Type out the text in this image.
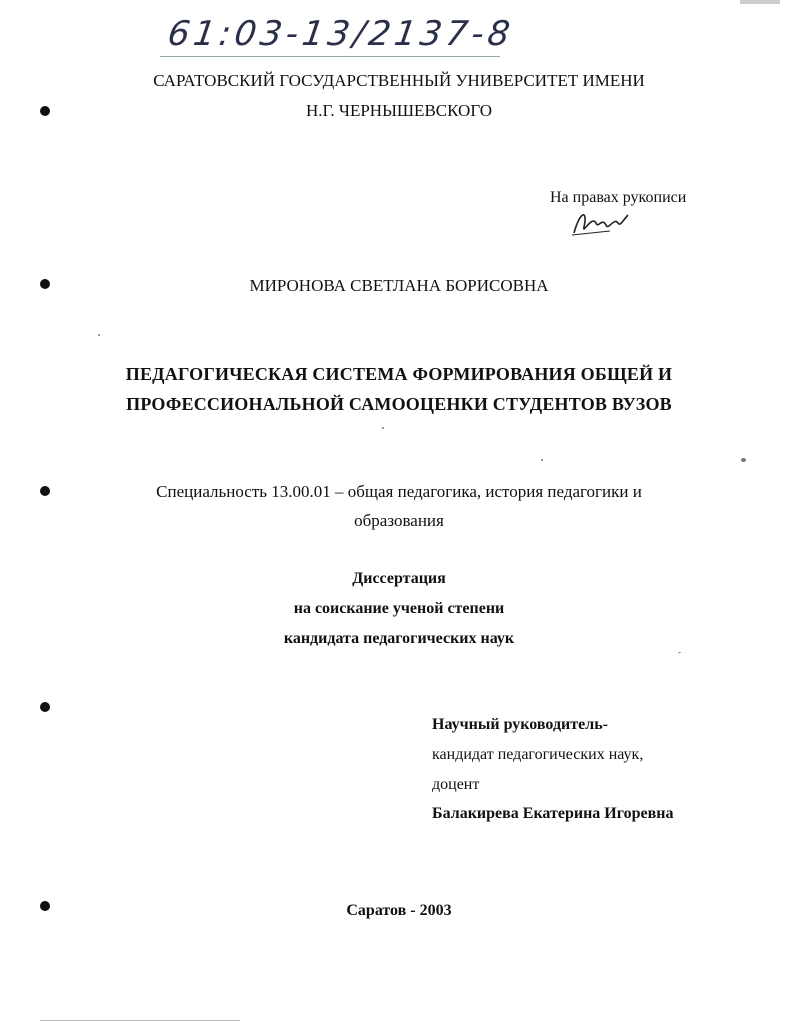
61:03-13/2137-8
САРАТОВСКИЙ ГОСУДАРСТВЕННЫЙ УНИВЕРСИТЕТ ИМЕНИ
Н.Г. ЧЕРНЫШЕВСКОГО
На правах рукописи
МИРОНОВА СВЕТЛАНА БОРИСОВНА
ПЕДАГОГИЧЕСКАЯ СИСТЕМА ФОРМИРОВАНИЯ ОБЩЕЙ И
ПРОФЕССИОНАЛЬНОЙ САМООЦЕНКИ СТУДЕНТОВ ВУЗОВ
Специальность 13.00.01 – общая педагогика, история педагогики и
образования
Диссертация
на соискание ученой степени
кандидата педагогических наук
Научный руководитель-
кандидат педагогических наук,
доцент
Балакирева Екатерина Игоревна
Саратов - 2003
